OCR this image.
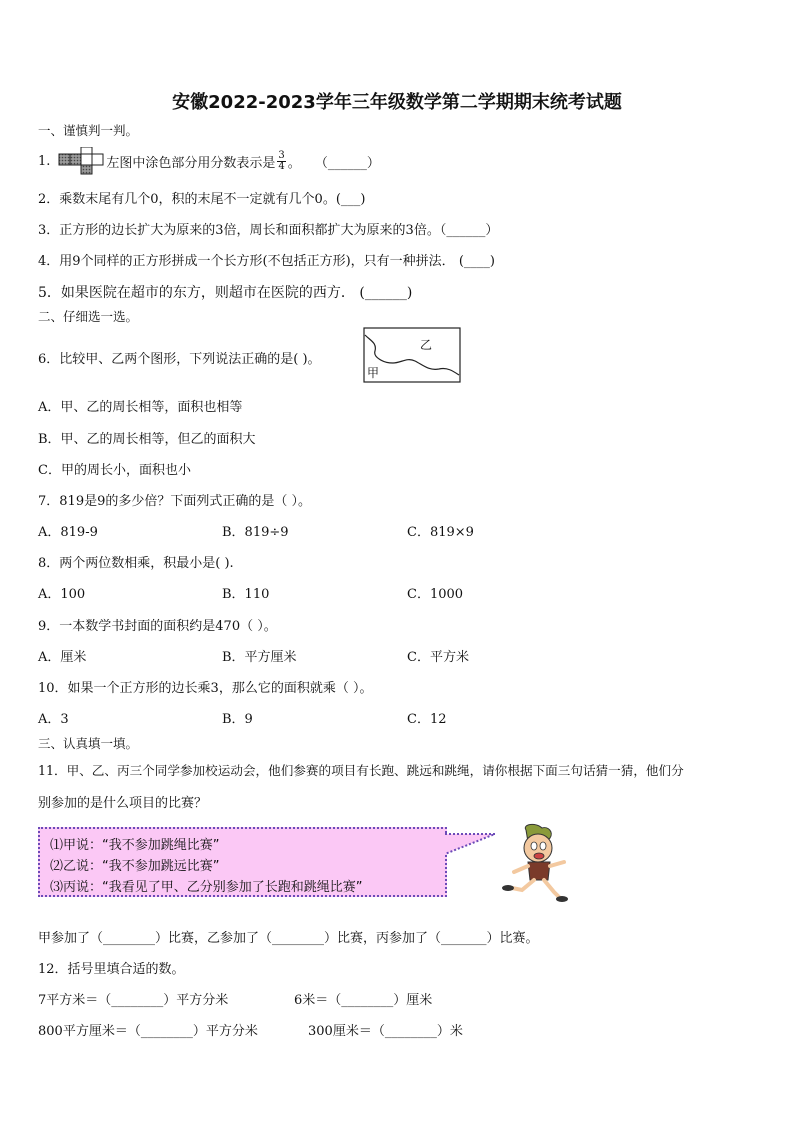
安徽2022-2023学年三年级数学第二学期期末统考试题
一、谨慎判一判。
1.	左图中涂色部分用分数表示是 $\frac{3}{4}$ 。 （______）
2．乘数末尾有几个0，积的末尾不一定就有几个0。(___)
3．正方形的边长扩大为原来的3倍，周长和面积都扩大为原来的3倍。（______）
4．用9个同样的正方形拼成一个长方形(不包括正方形)，只有一种拼法． (____)
5．如果医院在超市的东方，则超市在医院的西方． (______)
二、仔细选一选。
6．比较甲、乙两个图形，下列说法正确的是( )。
乙
甲
A．甲、乙的周长相等，面积也相等
B．甲、乙的周长相等，但乙的面积大
C．甲的周长小，面积也小
7．819是9的多少倍？下面列式正确的是（ ）。
A．819-9	B．819÷9	C．819×9
8．两个两位数相乘，积最小是( ).
A．100	B．110	C．1000
9．一本数学书封面的面积约是470（ ）。
A．厘米	B．平方厘米	C．平方米
10．如果一个正方形的边长乘3，那么它的面积就乘（ ）。
A．3	B．9	C．12
三、认真填一填。
11．甲、乙、丙三个同学参加校运动会，他们参赛的项目有长跑、跳远和跳绳，请你根据下面三句话猜一猜，他们分
别参加的是什么项目的比赛？
⑴甲说：“我不参加跳绳比赛”
⑵乙说：“我不参加跳远比赛”
⑶丙说：“我看见了甲、乙分别参加了长跑和跳绳比赛”
甲参加了（________）比赛，乙参加了（________）比赛，丙参加了（_______）比赛。
12．括号里填合适的数。
7平方米＝（________）平方分米	6米＝（________）厘米
800平方厘米＝（________）平方分米	300厘米＝（________）米
